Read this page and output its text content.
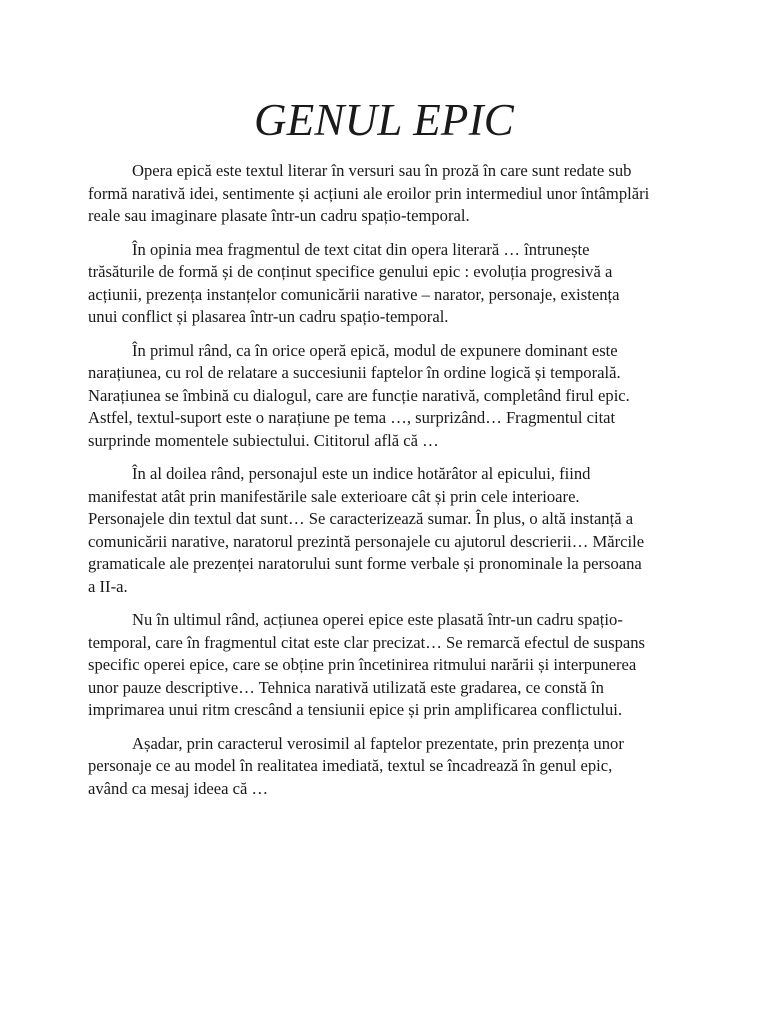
GENUL EPIC

Opera epică este textul literar în versuri sau în proză în care sunt redate sub formă narativă idei, sentimente și acțiuni ale eroilor prin intermediul unor întâmplări reale sau imaginare plasate într-un cadru spațio-temporal.

În opinia mea fragmentul de text citat din opera literară … întrunește trăsăturile de formă și de conținut specifice genului epic : evoluția progresivă a acțiunii, prezența instanțelor comunicării narative – narator, personaje, existența unui conflict și plasarea într-un cadru spațio-temporal.

În primul rând, ca în orice operă epică, modul de expunere dominant este narațiunea, cu rol de relatare a succesiunii faptelor în ordine logică și temporală. Narațiunea se îmbină cu dialogul, care are funcție narativă, completând firul epic. Astfel, textul-suport este o narațiune pe tema …, surprizând… Fragmentul citat surprinde momentele subiectului. Cititorul află că …

În al doilea rând, personajul este un indice hotărâtor al epicului, fiind manifestat atât prin manifestările sale exterioare cât și prin cele interioare. Personajele din textul dat sunt… Se caracterizează sumar. În plus, o altă instanță a comunicării narative, naratorul prezintă personajele cu ajutorul descrierii… Mărcile gramaticale ale prezenței naratorului sunt forme verbale și pronominale la persoana a II-a.

Nu în ultimul rând, acțiunea operei epice este plasată într-un cadru spațio-temporal, care în fragmentul citat este clar precizat… Se remarcă efectul de suspans specific operei epice, care se obține prin încetinirea ritmului narării și interpunerea unor pauze descriptive… Tehnica narativă utilizată este gradarea, ce constă în imprimarea unui ritm crescând a tensiunii epice și prin amplificarea conflictului.

Așadar, prin caracterul verosimil al faptelor prezentate, prin prezența unor personaje ce au model în realitatea imediată, textul se încadrează în genul epic, având ca mesaj ideea că …
